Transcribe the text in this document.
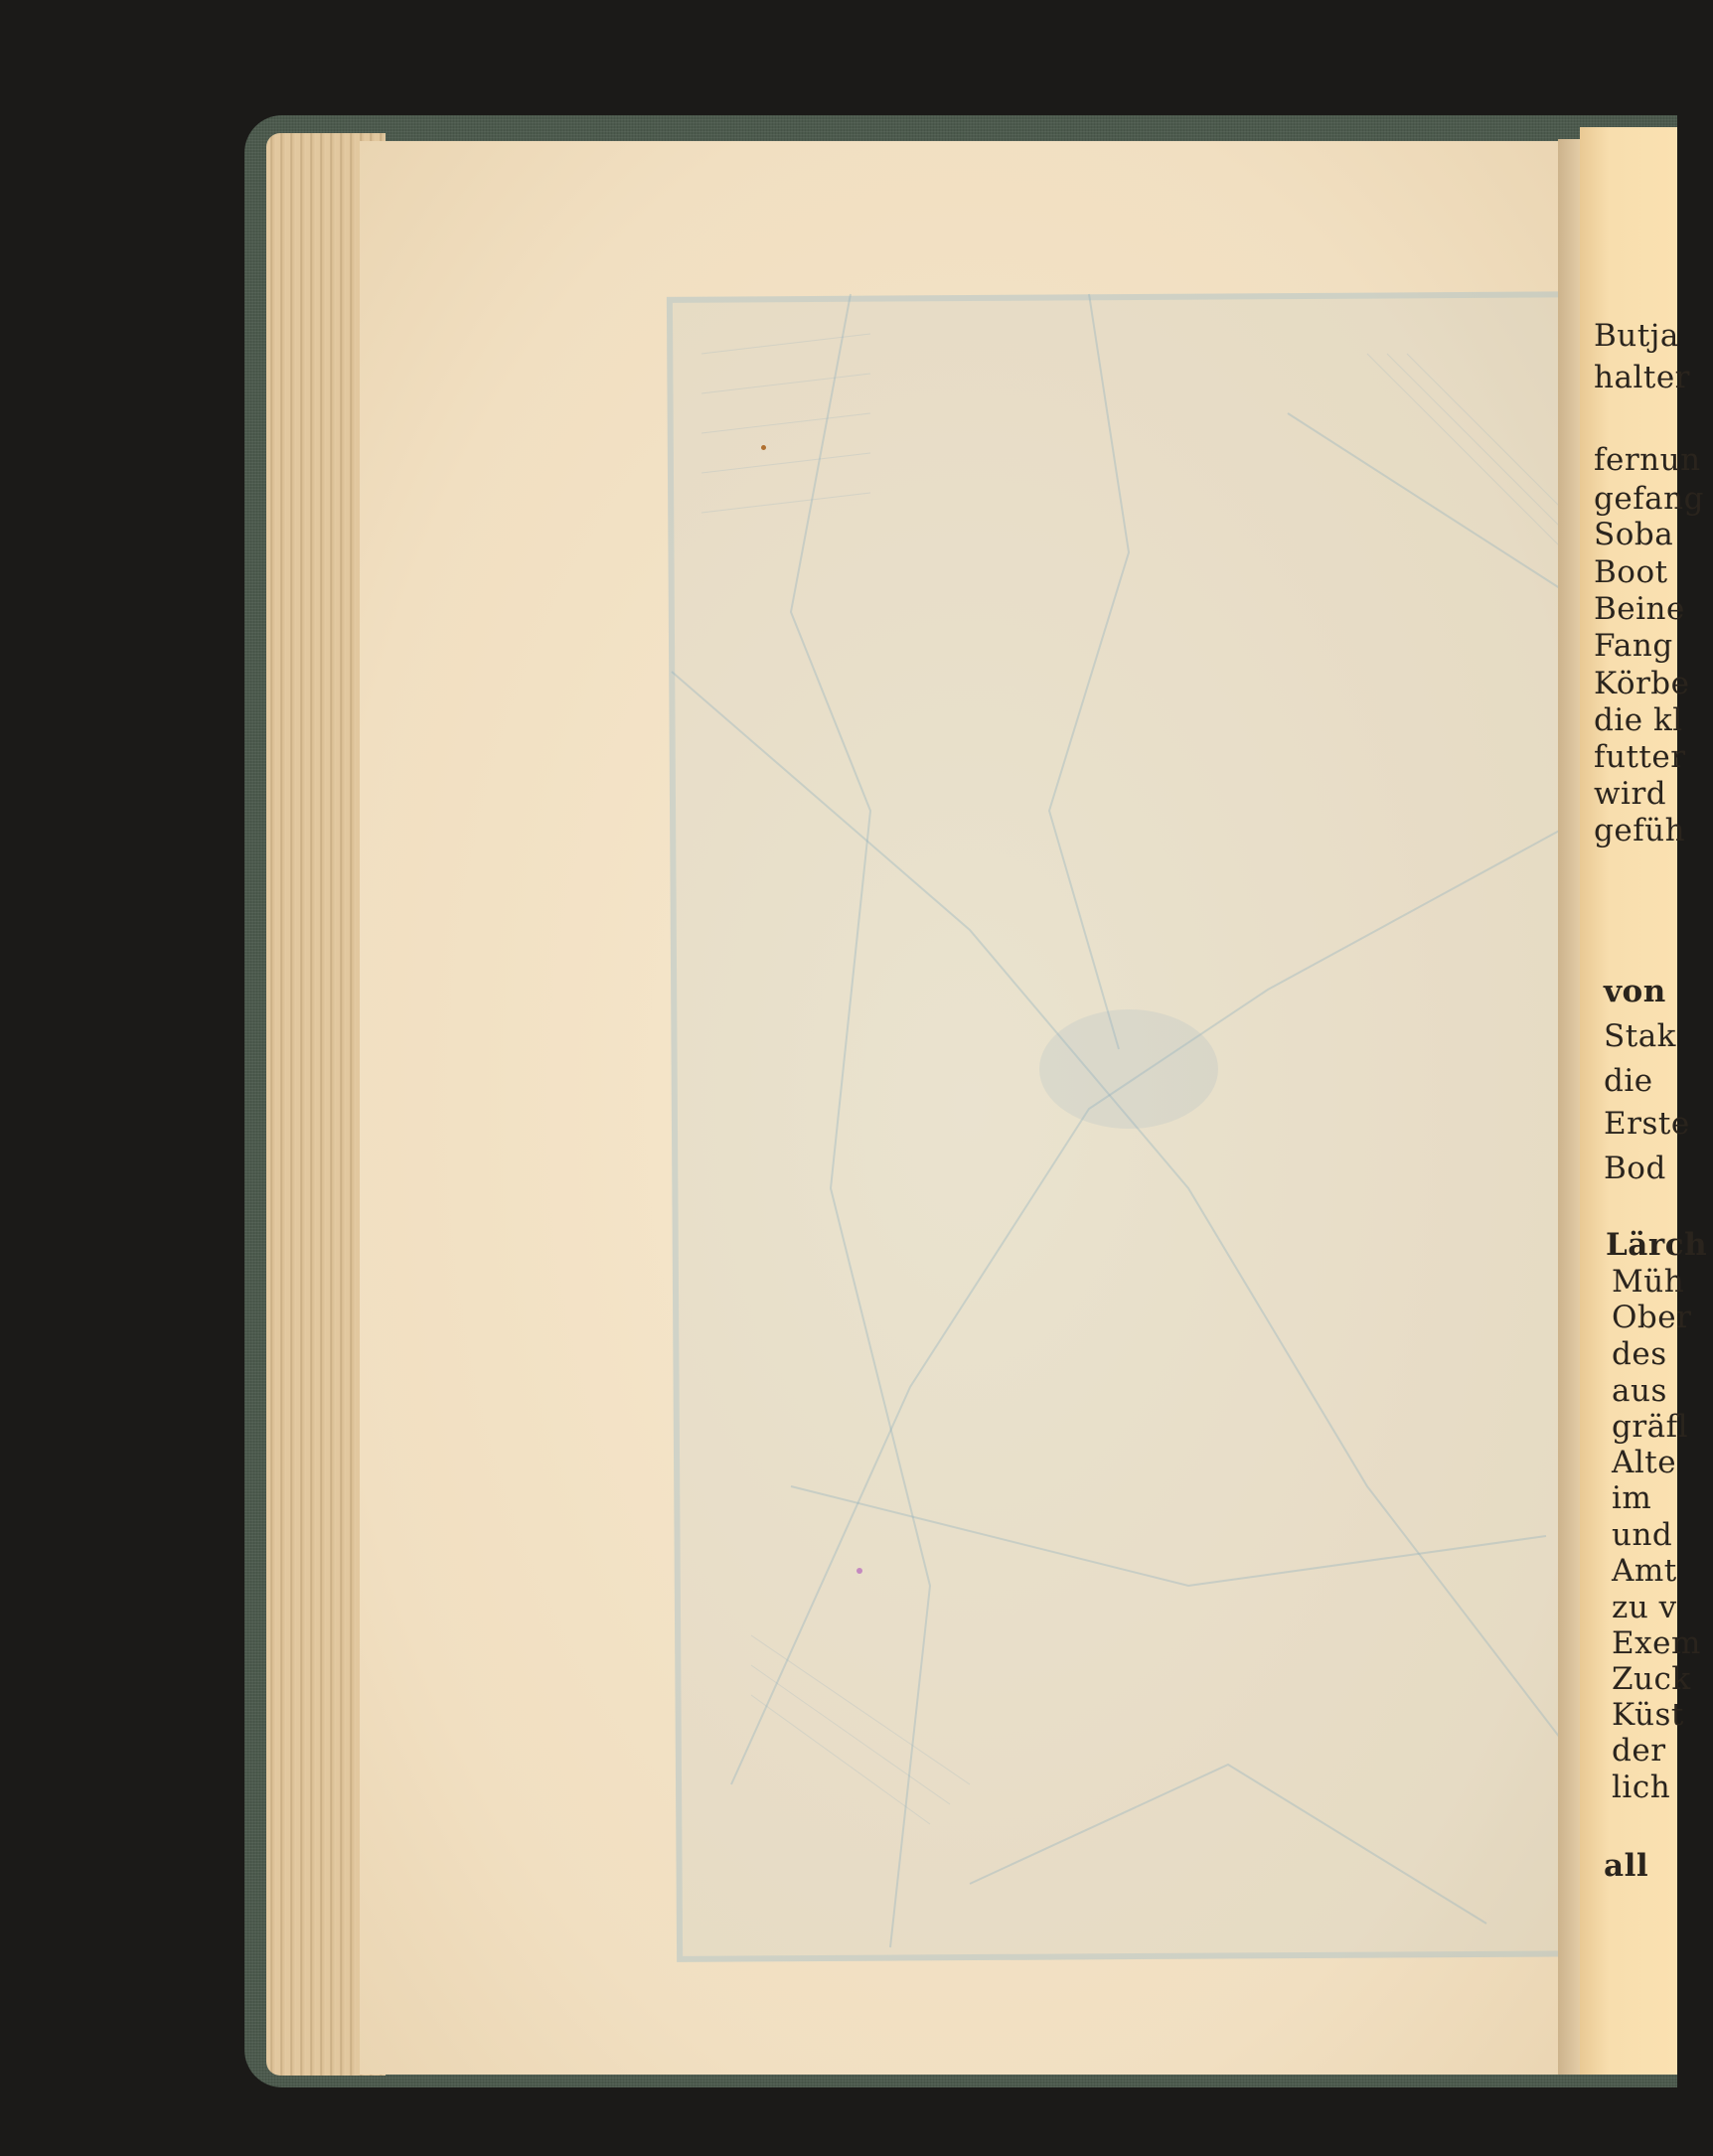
Butja
halter
fernun
gefang
Soba
Boot
Beine
Fang
Körbe
die kl
futter
wird
gefüh
von
Stak
die
Erste
Bod
Lärch
Müh
Ober
des
aus
gräfl
Alte
im
und
Amt
zu v
Exem
Zuck
Küst
der
lich
all
